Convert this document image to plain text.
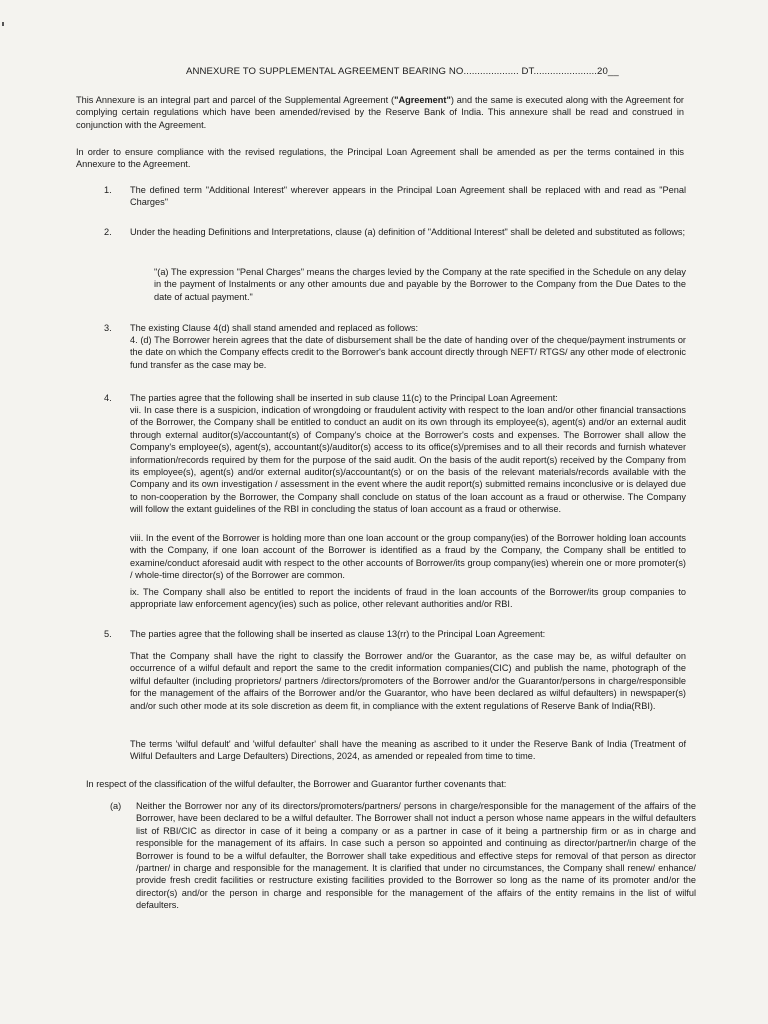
ANNEXURE TO SUPPLEMENTAL AGREEMENT BEARING NO.................... DT.......................20__
This Annexure is an integral part and parcel of the Supplemental Agreement ("Agreement") and the same is executed along with the Agreement for complying certain regulations which have been amended/revised by the Reserve Bank of India. This annexure shall be read and construed in conjunction with the Agreement.
In order to ensure compliance with the revised regulations, the Principal Loan Agreement shall be amended as per the terms contained in this Annexure to the Agreement.
1. The defined term "Additional Interest" wherever appears in the Principal Loan Agreement shall be replaced with and read as "Penal Charges"
2. Under the heading Definitions and Interpretations, clause (a) definition of "Additional Interest" shall be deleted and substituted as follows;
"(a) The expression "Penal Charges" means the charges levied by the Company at the rate specified in the Schedule on any delay in the payment of Instalments or any other amounts due and payable by the Borrower to the Company from the Due Dates to the date of actual payment."
3. The existing Clause 4(d) shall stand amended and replaced as follows:
4. (d) The Borrower herein agrees that the date of disbursement shall be the date of handing over of the cheque/payment instruments or the date on which the Company effects credit to the Borrower's bank account directly through NEFT/ RTGS/ any other mode of electronic fund transfer as the case may be.
4. The parties agree that the following shall be inserted in sub clause 11(c) to the Principal Loan Agreement:
vii. In case there is a suspicion, indication of wrongdoing or fraudulent activity with respect to the loan and/or other financial transactions of the Borrower, the Company shall be entitled to conduct an audit on its own through its employee(s), agent(s) and/or an external audit through external auditor(s)/accountant(s) of Company's choice at the Borrower's costs and expenses. The Borrower shall allow the Company's employee(s), agent(s), accountant(s)/auditor(s) access to its office(s)/premises and to all their records and furnish whatever information/records required by them for the purpose of the said audit. On the basis of the audit report(s) received by the Company from its employee(s), agent(s) and/or external auditor(s)/accountant(s) or on the basis of the relevant materials/records available with the Company and its own investigation / assessment in the event where the audit report(s) submitted remains inconclusive or is delayed due to non-cooperation by the Borrower, the Company shall conclude on status of the loan account as a fraud or otherwise. The Company will follow the extant guidelines of the RBI in concluding the status of loan account as a fraud or otherwise.
viii. In the event of the Borrower is holding more than one loan account or the group company(ies) of the Borrower holding loan accounts with the Company, if one loan account of the Borrower is identified as a fraud by the Company, the Company shall be entitled to examine/conduct aforesaid audit with respect to the other accounts of Borrower/its group company(ies) wherein one or more promoter(s) / whole-time director(s) of the Borrower are common.
ix. The Company shall also be entitled to report the incidents of fraud in the loan accounts of the Borrower/its group companies to appropriate law enforcement agency(ies) such as police, other relevant authorities and/or RBI.
5. The parties agree that the following shall be inserted as clause 13(rr) to the Principal Loan Agreement:
That the Company shall have the right to classify the Borrower and/or the Guarantor, as the case may be, as wilful defaulter on occurrence of a wilful default and report the same to the credit information companies(CIC) and publish the name, photograph of the wilful defaulter (including proprietors/ partners /directors/promoters of the Borrower and/or the Guarantor/persons in charge/responsible for the management of the affairs of the Borrower and/or the Guarantor, who have been declared as wilful defaulters) in newspaper(s) and/or such other mode at its sole discretion as deem fit, in compliance with the extent regulations of Reserve Bank of India(RBI).
The terms 'wilful default' and 'wilful defaulter' shall have the meaning as ascribed to it under the Reserve Bank of India (Treatment of Wilful Defaulters and Large Defaulters) Directions, 2024, as amended or repealed from time to time.
In respect of the classification of the wilful defaulter, the Borrower and Guarantor further covenants that:
(a) Neither the Borrower nor any of its directors/promoters/partners/ persons in charge/responsible for the management of the affairs of the Borrower, have been declared to be a wilful defaulter. The Borrower shall not induct a person whose name appears in the wilful defaulters list of RBI/CIC as director in case of it being a company or as a partner in case of it being a partnership firm or as in charge and responsible for the management of its affairs. In case such a person so appointed and continuing as director/partner/in charge of the Borrower is found to be a wilful defaulter, the Borrower shall take expeditious and effective steps for removal of that person as director /partner/ in charge and responsible for the management. It is clarified that under no circumstances, the Company shall renew/ enhance/ provide fresh credit facilities or restructure existing facilities provided to the Borrower so long as the name of its promoter and/or the director(s) and/or the person in charge and responsible for the management of the affairs of the entity remains in the list of wilful defaulters.
